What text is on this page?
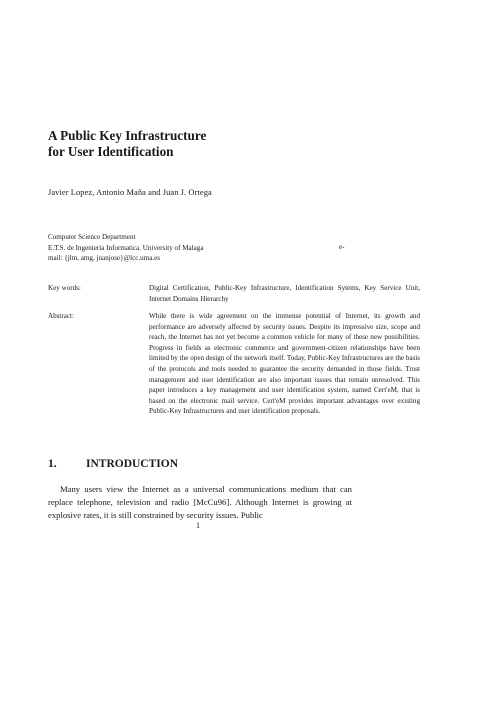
A Public Key Infrastructure
for User Identification
Javier Lopez, Antonio Maña and Juan J. Ortega
Computer Science Department
E.T.S. de Ingenieria Informatica. University of Malaga
mail: {jlm, amg, juanjose}@lcc.uma.es
e-
Key words:	Digital Certification, Public-Key Infrastructure, Identification Sytems, Key Service Unit, Internet Domains Hierarchy
Abstract:	While there is wide agreement on the immense potential of Internet, its growth and performance are adversely affected by security issues. Despite its impressive size, scope and reach, the Internet has not yet become a common vehicle for many of these new possibilities. Progress in fields as electronic commerce and government-citizen relationships have been limited by the open design of the network itself. Today, Public-Key Infrastructures are the basis of the protocols and tools needed to guarantee the security demanded in those fields. Trust management and user identification are also important issues that remain unresolved. This paper introduces a key management and user identification system, named Cert'eM, that is based on the electronic mail service. Cert'eM provides important advantages over existing Public-Key Infrastructures and user identification proposals.
1.	INTRODUCTION

Many users view the Internet as a universal communications medium that can replace telephone, television and radio [McCu96]. Although Internet is growing at explosive rates, it is still constrained by security issues. Public

1
